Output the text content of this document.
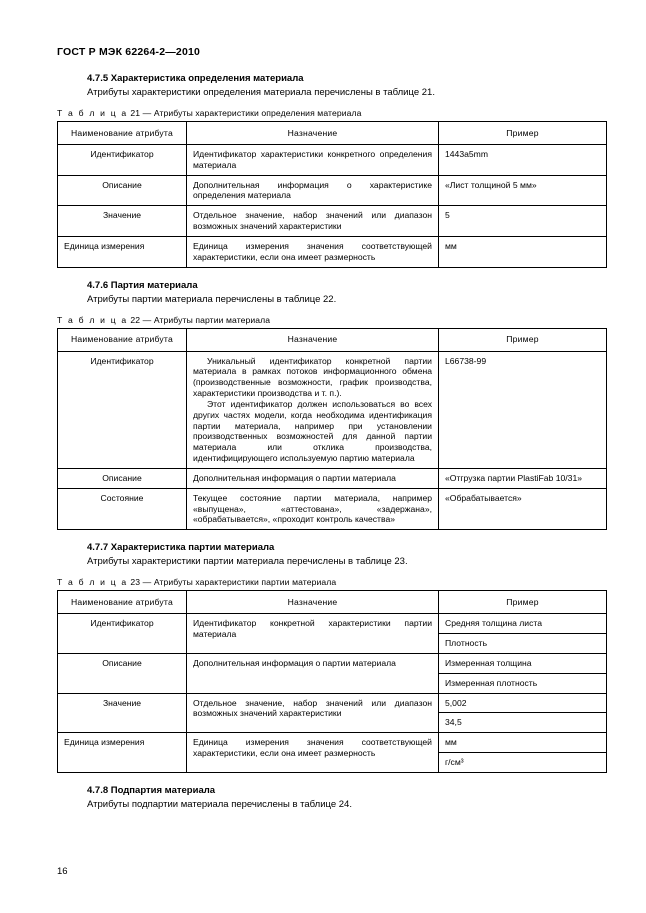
ГОСТ Р МЭК 62264-2—2010
4.7.5 Характеристика определения материала
Атрибуты характеристики определения материала перечислены в таблице 21.
Т а б л и ц а 21 — Атрибуты характеристики определения материала
Наименование атрибута	Назначение	Пример
Идентификатор	Идентификатор характеристики конкретного определения материала	1443a5mm
Описание	Дополнительная информация о характеристике определения материала	«Лист толщиной 5 мм»
Значение	Отдельное значение, набор значений или диапазон возможных значений характеристики	5
Единица измерения	Единица измерения значения соответствующей характеристики, если она имеет размерность	мм
4.7.6 Партия материала
Атрибуты партии материала перечислены в таблице 22.
Т а б л и ц а 22 — Атрибуты партии материала
Наименование атрибута	Назначение	Пример
Идентификатор	Уникальный идентификатор конкретной партии материала в рамках потоков информационного обмена (производственные возможности, график производства, характеристики производства и т. п.).
Этот идентификатор должен использоваться во всех других частях модели, когда необходима идентификация партии материала, например при установлении производственных возможностей для данной партии материала или отклика производства, идентифицирующего используемую партию материала	L66738-99
Описание	Дополнительная информация о партии материала	«Отгрузка партии PlastiFab 10/31»
Состояние	Текущее состояние партии материала, например «выпущена», «аттестована», «задержана», «обрабатывается», «проходит контроль качества»	«Обрабатывается»
4.7.7 Характеристика партии материала
Атрибуты характеристики партии материала перечислены в таблице 23.
Т а б л и ц а 23 — Атрибуты характеристики партии материала
Наименование атрибута	Назначение	Пример
Идентификатор	Идентификатор конкретной характеристики партии материала	Средняя толщина листа
		Плотность
Описание	Дополнительная информация о партии материала	Измеренная толщина
		Измеренная плотность
Значение	Отдельное значение, набор значений или диапазон возможных значений характеристики	5,002
		34,5
Единица измерения	Единица измерения значения соответствующей характеристики, если она имеет размерность	мм
		г/см³
4.7.8 Подпартия материала
Атрибуты подпартии материала перечислены в таблице 24.
16
